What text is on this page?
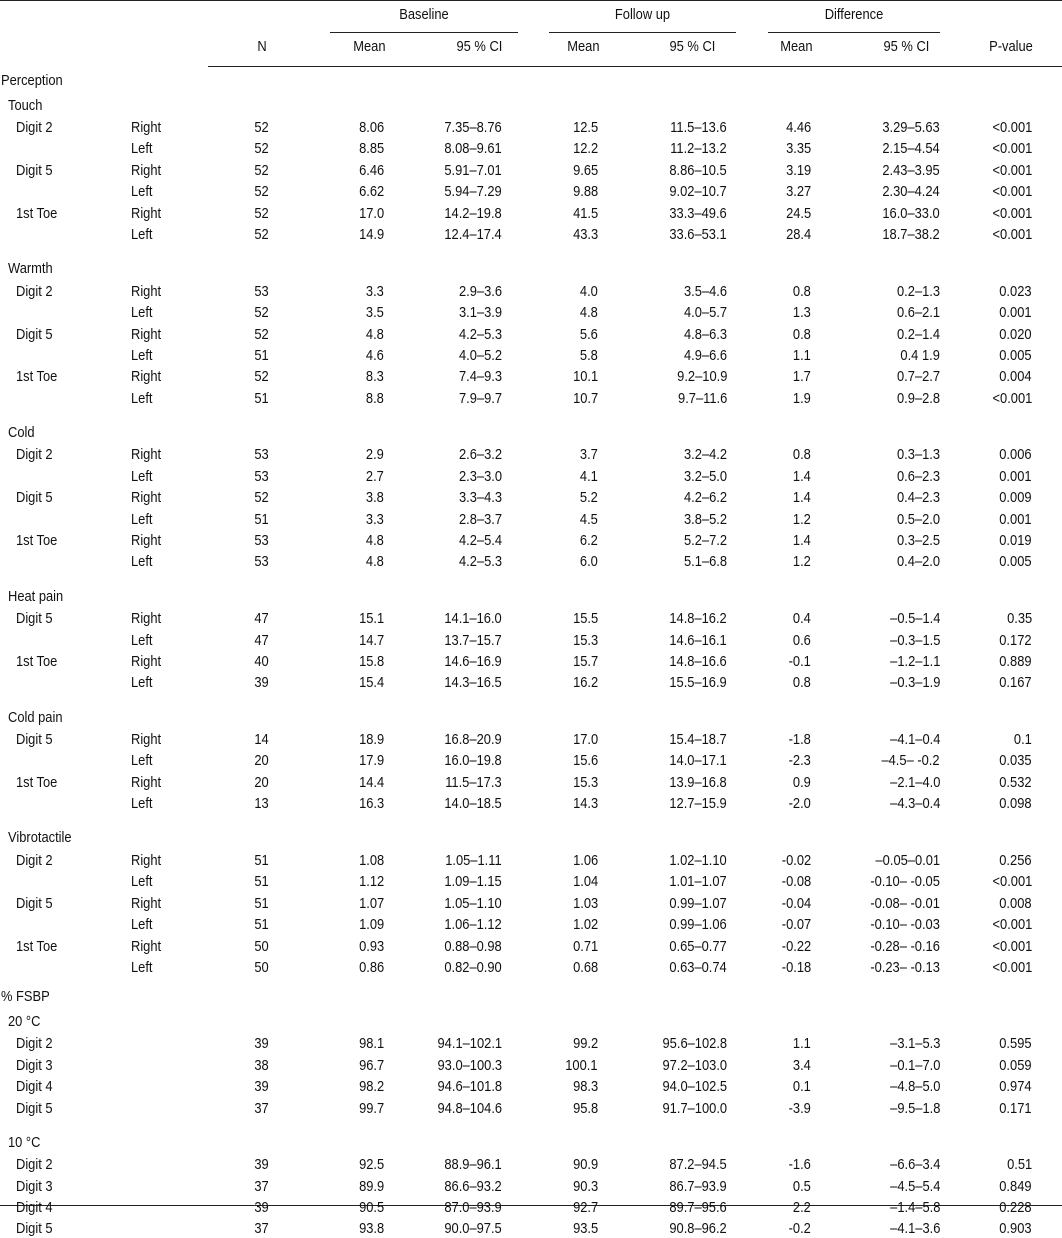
Baseline	Follow up	Difference
N	Mean	95 % CI	Mean	95 % CI	Mean	95 % CI	P-value
Perception
Touch
Digit 2	Right	52	8.06	7.35–8.76	12.5	11.5–13.6	4.46	3.29–5.63	<0.001
Left	52	8.85	8.08–9.61	12.2	11.2–13.2	3.35	2.15–4.54	<0.001
Digit 5	Right	52	6.46	5.91–7.01	9.65	8.86–10.5	3.19	2.43–3.95	<0.001
Left	52	6.62	5.94–7.29	9.88	9.02–10.7	3.27	2.30–4.24	<0.001
1st Toe	Right	52	17.0	14.2–19.8	41.5	33.3–49.6	24.5	16.0–33.0	<0.001
Left	52	14.9	12.4–17.4	43.3	33.6–53.1	28.4	18.7–38.2	<0.001
Warmth
Digit 2	Right	53	3.3	2.9–3.6	4.0	3.5–4.6	0.8	0.2–1.3	0.023
Left	52	3.5	3.1–3.9	4.8	4.0–5.7	1.3	0.6–2.1	0.001
Digit 5	Right	52	4.8	4.2–5.3	5.6	4.8–6.3	0.8	0.2–1.4	0.020
Left	51	4.6	4.0–5.2	5.8	4.9–6.6	1.1	0.4 1.9	0.005
1st Toe	Right	52	8.3	7.4–9.3	10.1	9.2–10.9	1.7	0.7–2.7	0.004
Left	51	8.8	7.9–9.7	10.7	9.7–11.6	1.9	0.9–2.8	<0.001
Cold
Digit 2	Right	53	2.9	2.6–3.2	3.7	3.2–4.2	0.8	0.3–1.3	0.006
Left	53	2.7	2.3–3.0	4.1	3.2–5.0	1.4	0.6–2.3	0.001
Digit 5	Right	52	3.8	3.3–4.3	5.2	4.2–6.2	1.4	0.4–2.3	0.009
Left	51	3.3	2.8–3.7	4.5	3.8–5.2	1.2	0.5–2.0	0.001
1st Toe	Right	53	4.8	4.2–5.4	6.2	5.2–7.2	1.4	0.3–2.5	0.019
Left	53	4.8	4.2–5.3	6.0	5.1–6.8	1.2	0.4–2.0	0.005
Heat pain
Digit 5	Right	47	15.1	14.1–16.0	15.5	14.8–16.2	0.4	–0.5–1.4	0.35
Left	47	14.7	13.7–15.7	15.3	14.6–16.1	0.6	–0.3–1.5	0.172
1st Toe	Right	40	15.8	14.6–16.9	15.7	14.8–16.6	-0.1	–1.2–1.1	0.889
Left	39	15.4	14.3–16.5	16.2	15.5–16.9	0.8	–0.3–1.9	0.167
Cold pain
Digit 5	Right	14	18.9	16.8–20.9	17.0	15.4–18.7	-1.8	–4.1–0.4	0.1
Left	20	17.9	16.0–19.8	15.6	14.0–17.1	-2.3	–4.5– -0.2	0.035
1st Toe	Right	20	14.4	11.5–17.3	15.3	13.9–16.8	0.9	–2.1–4.0	0.532
Left	13	16.3	14.0–18.5	14.3	12.7–15.9	-2.0	–4.3–0.4	0.098
Vibrotactile
Digit 2	Right	51	1.08	1.05–1.11	1.06	1.02–1.10	-0.02	–0.05–0.01	0.256
Left	51	1.12	1.09–1.15	1.04	1.01–1.07	-0.08	-0.10– -0.05	<0.001
Digit 5	Right	51	1.07	1.05–1.10	1.03	0.99–1.07	-0.04	-0.08– -0.01	0.008
Left	51	1.09	1.06–1.12	1.02	0.99–1.06	-0.07	-0.10– -0.03	<0.001
1st Toe	Right	50	0.93	0.88–0.98	0.71	0.65–0.77	-0.22	-0.28– -0.16	<0.001
Left	50	0.86	0.82–0.90	0.68	0.63–0.74	-0.18	-0.23– -0.13	<0.001
% FSBP
20 °C
Digit 2	39	98.1	94.1–102.1	99.2	95.6–102.8	1.1	–3.1–5.3	0.595
Digit 3	38	96.7	93.0–100.3	100.1	97.2–103.0	3.4	–0.1–7.0	0.059
Digit 4	39	98.2	94.6–101.8	98.3	94.0–102.5	0.1	–4.8–5.0	0.974
Digit 5	37	99.7	94.8–104.6	95.8	91.7–100.0	-3.9	–9.5–1.8	0.171
10 °C
Digit 2	39	92.5	88.9–96.1	90.9	87.2–94.5	-1.6	–6.6–3.4	0.51
Digit 3	37	89.9	86.6–93.2	90.3	86.7–93.9	0.5	–4.5–5.4	0.849
Digit 4	39	90.5	87.0–93.9	92.7	89.7–95.6	2.2	–1.4–5.8	0.228
Digit 5	37	93.8	90.0–97.5	93.5	90.8–96.2	-0.2	–4.1–3.6	0.903
